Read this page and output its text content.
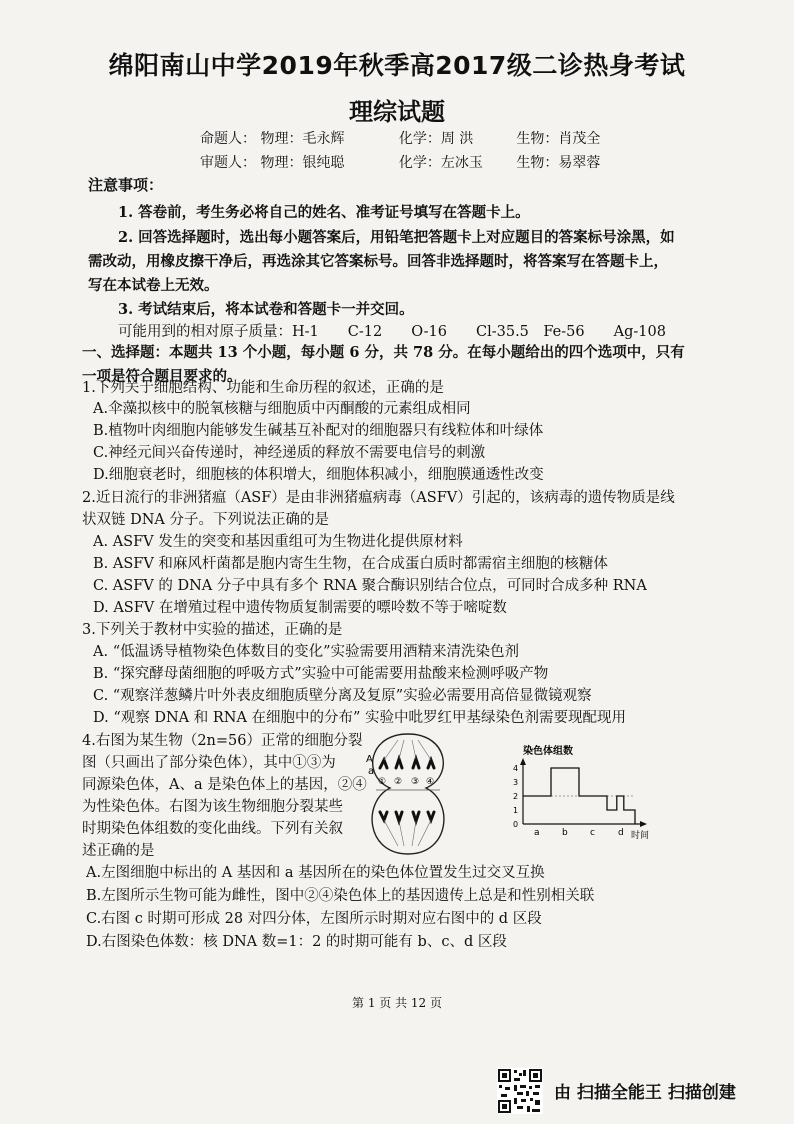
绵阳南山中学2019年秋季高2017级二诊热身考试
理综试题
命题人： 物理：毛永辉	化学：周 洪	生物：肖茂全
审题人： 物理：银纯聪	化学：左冰玉 生物：易翠蓉
注意事项：
1. 答卷前，考生务必将自己的姓名、准考证号填写在答题卡上。
2. 回答选择题时，选出每小题答案后，用铅笔把答题卡上对应题目的答案标号涂黑，如
需改动，用橡皮擦干净后，再选涂其它答案标号。回答非选择题时，将答案写在答题卡上，
写在本试卷上无效。
3. 考试结束后，将本试卷和答题卡一并交回。
可能用到的相对原子质量：H-1　　C-12　　O-16　　Cl-35.5　Fe-56　　Ag-108
一、选择题：本题共 13 个小题，每小题 6 分，共 78 分。在每小题给出的四个选项中，只有
一项是符合题目要求的。
1.下列关于细胞结构、功能和生命历程的叙述，正确的是
A.伞藻拟核中的脱氧核糖与细胞质中丙酮酸的元素组成相同
B.植物叶肉细胞内能够发生碱基互补配对的细胞器只有线粒体和叶绿体
C.神经元间兴奋传递时，神经递质的释放不需要电信号的刺激
D.细胞衰老时，细胞核的体积增大，细胞体积减小，细胞膜通透性改变
2.近日流行的非洲猪瘟（ASF）是由非洲猪瘟病毒（ASFV）引起的，该病毒的遗传物质是线
状双链 DNA 分子。下列说法正确的是
A. ASFV 发生的突变和基因重组可为生物进化提供原材料
B. ASFV 和麻风杆菌都是胞内寄生生物，在合成蛋白质时都需宿主细胞的核糖体
C. ASFV 的 DNA 分子中具有多个 RNA 聚合酶识别结合位点，可同时合成多种 RNA
D. ASFV 在增殖过程中遗传物质复制需要的嘌呤数不等于嘧啶数
3.下列关于教材中实验的描述，正确的是
A. “低温诱导植物染色体数目的变化”实验需要用酒精来清洗染色剂
B. “探究酵母菌细胞的呼吸方式”实验中可能需要用盐酸来检测呼吸产物
C. “观察洋葱鳞片叶外表皮细胞质壁分离及复原”实验必需要用高倍显微镜观察
D. “观察 DNA 和 RNA 在细胞中的分布” 实验中吡罗红甲基绿染色剂需要现配现用
4.右图为某生物（2n=56）正常的细胞分裂
图（只画出了部分染色体），其中①③为
同源染色体，A、a 是染色体上的基因，②④
为性染色体。右图为该生物细胞分裂某些
时期染色体组数的变化曲线。下列有关叙
述正确的是
A
a
① ② ③ ④
染色体组数
0
1
2
3
4
a b c	d 时间
A.左图细胞中标出的 A 基因和 a 基因所在的染色体位置发生过交叉互换
B.左图所示生物可能为雌性，图中②④染色体上的基因遗传上总是和性别相关联
C.右图 c 时期可形成 28 对四分体，左图所示时期对应右图中的 d 区段
D.右图染色体数：核 DNA 数=1：2 的时期可能有 b、c、d 区段
第 1 页 共 12 页
由 扫描全能王 扫描创建
